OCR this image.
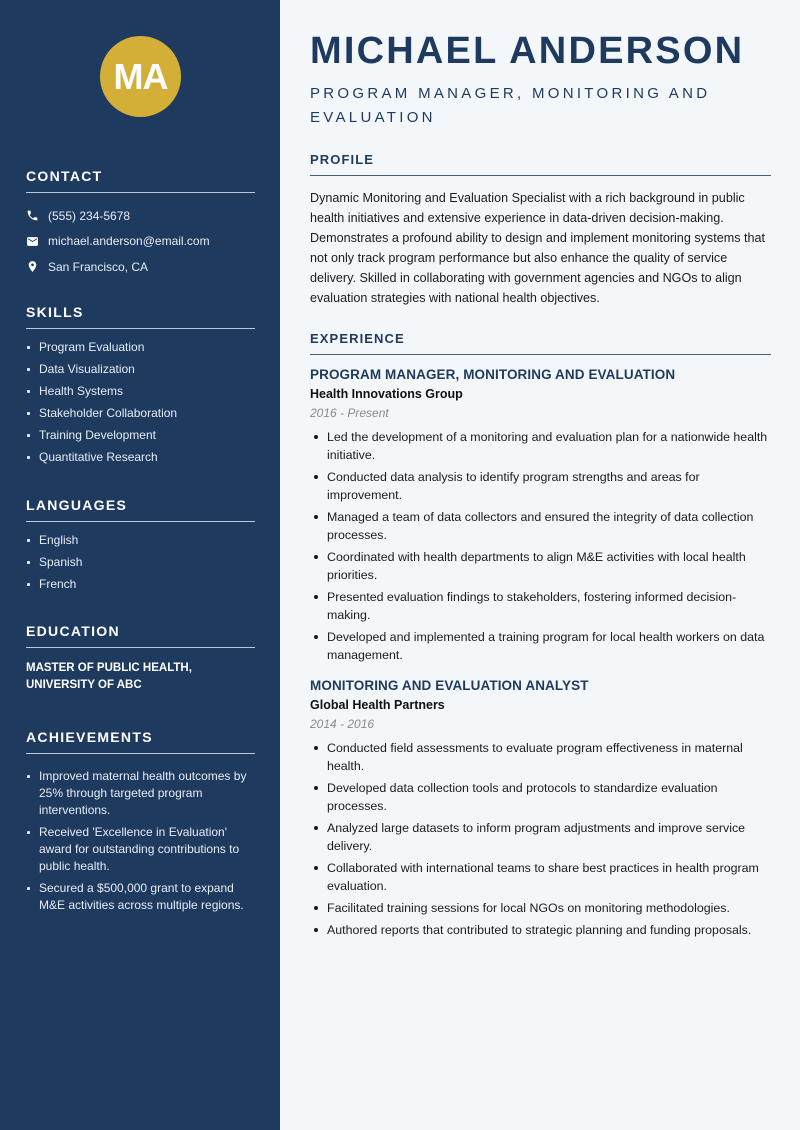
MA
CONTACT
(555) 234-5678
michael.anderson@email.com
San Francisco, CA
SKILLS
Program Evaluation
Data Visualization
Health Systems
Stakeholder Collaboration
Training Development
Quantitative Research
LANGUAGES
English
Spanish
French
EDUCATION
MASTER OF PUBLIC HEALTH,
UNIVERSITY OF ABC
ACHIEVEMENTS
Improved maternal health outcomes by 25% through targeted program interventions.
Received 'Excellence in Evaluation' award for outstanding contributions to public health.
Secured a $500,000 grant to expand M&E activities across multiple regions.
MICHAEL ANDERSON
PROGRAM MANAGER, MONITORING AND EVALUATION
PROFILE

Dynamic Monitoring and Evaluation Specialist with a rich background in public health initiatives and extensive experience in data-driven decision-making. Demonstrates a profound ability to design and implement monitoring systems that not only track program performance but also enhance the quality of service delivery. Skilled in collaborating with government agencies and NGOs to align evaluation strategies with national health objectives.

EXPERIENCE
PROGRAM MANAGER, MONITORING AND EVALUATION
Health Innovations Group
2016 - Present
Led the development of a monitoring and evaluation plan for a nationwide health initiative.
Conducted data analysis to identify program strengths and areas for improvement.
Managed a team of data collectors and ensured the integrity of data collection processes.
Coordinated with health departments to align M&E activities with local health priorities.
Presented evaluation findings to stakeholders, fostering informed decision-making.
Developed and implemented a training program for local health workers on data management.
MONITORING AND EVALUATION ANALYST
Global Health Partners
2014 - 2016
Conducted field assessments to evaluate program effectiveness in maternal health.
Developed data collection tools and protocols to standardize evaluation processes.
Analyzed large datasets to inform program adjustments and improve service delivery.
Collaborated with international teams to share best practices in health program evaluation.
Facilitated training sessions for local NGOs on monitoring methodologies.
Authored reports that contributed to strategic planning and funding proposals.
